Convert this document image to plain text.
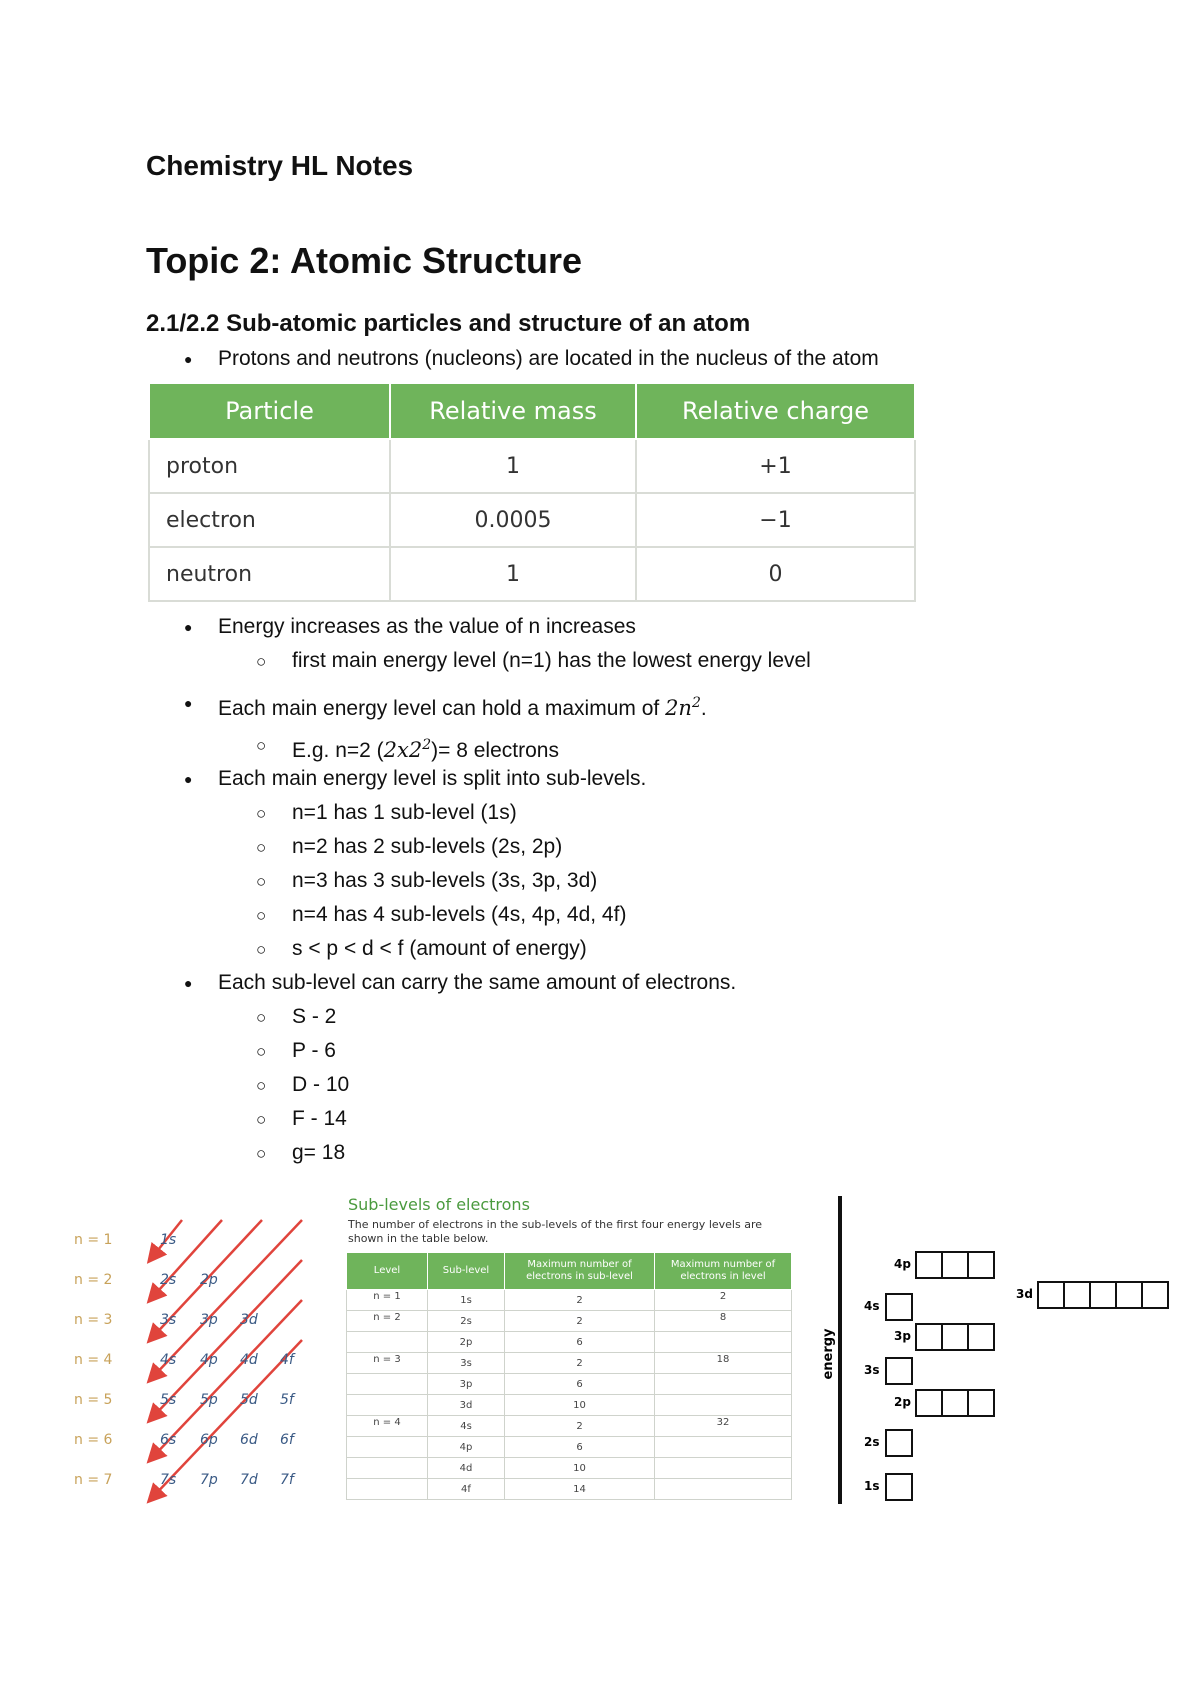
Chemistry HL Notes
Topic 2: Atomic Structure
2.1/2.2 Sub-atomic particles and structure of an atom
● Protons and neutrons (nucleons) are located in the nucleus of the atom
Particle	Relative mass	Relative charge
proton	1	+1
electron	0.0005	−1
neutron	1	0
● Energy increases as the value of n increases
○ first main energy level (n=1) has the lowest energy level
● Each main energy level can hold a maximum of $2n^2$.
○ E.g. n=2 $(2x2^2)= 8$ electrons
● Each main energy level is split into sub-levels.
○ n=1 has 1 sub-level (1s)
○ n=2 has 2 sub-levels (2s, 2p)
○ n=3 has 3 sub-levels (3s, 3p, 3d)
○ n=4 has 4 sub-levels (4s, 4p, 4d, 4f)
○ s < p < d < f (amount of energy)
● Each sub-level can carry the same amount of electrons.
○ S - 2
○ P - 6
○ D - 10
○ F - 14
○ g= 18
n = 1
n = 2
n = 3
n = 4
n = 5
n = 6
n = 7
1s
2s 2p
3s 3p 3d
4s 4p 4d 4f
5s 5p 5d 5f
6s 6p 6d 6f
7s 7p 7d 7f
Sub-levels of electrons
The number of electrons in the sub-levels of the first four energy levels are shown in the table below.
Level	Sub-level	Maximum number of electrons in sub-level	Maximum number of electrons in level
n = 1	1s	2	2
n = 2	2s	2	8
	2p	6	
n = 3	3s	2	18
	3p	6	
	3d	10	
n = 4	4s	2	32
	4p	6	
	4d	10	
	4f	14	
energy
1s
2s
2p
3s
3p
4s
3d
4p
